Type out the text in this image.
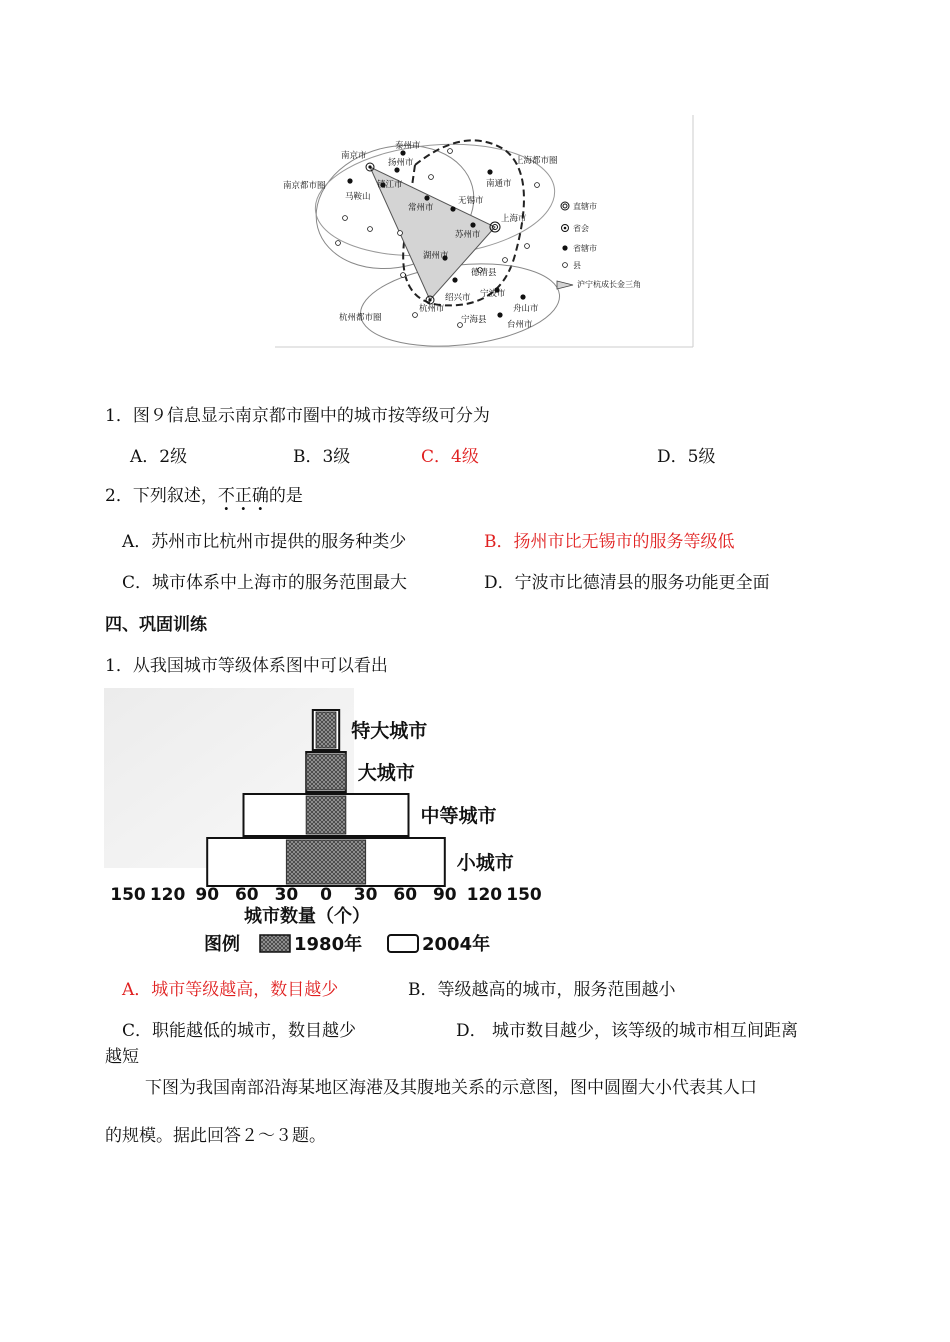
南京市
南京都市圈
泰州市
扬州市
镇江市
马鞍山
常州市
无锡市
苏州市
上海市
上海都市圈
南通市
湖州市
德清县
杭州市
杭州都市圈
绍兴市 宁波市
宁海县
舟山市
台州市
直辖市
省会
省辖市
县
沪宁杭成长金三角
1．图９信息显示南京都市圈中的城市按等级可分为
A．2级	B．3级	C．4级	D．5级
2．下列叙述，不正确的是
A．苏州市比杭州市提供的服务种类少	B．扬州市比无锡市的服务等级低
C．城市体系中上海市的服务范围最大	D．宁波市比德清县的服务功能更全面
四、巩固训练
1．从我国城市等级体系图中可以看出
特大城市
大城市
中等城市
小城市
150 120 90 60 30 0 30 60 90 120 150
城市数量（个）
图例	1980年	2004年
A．城市等级越高，数目越少	B．等级越高的城市，服务范围越小
C．职能越低的城市，数目越少	D． 城市数目越少，该等级的城市相互间距离
越短
下图为我国南部沿海某地区海港及其腹地关系的示意图，图中圆圈大小代表其人口
的规模。据此回答２～３题。
